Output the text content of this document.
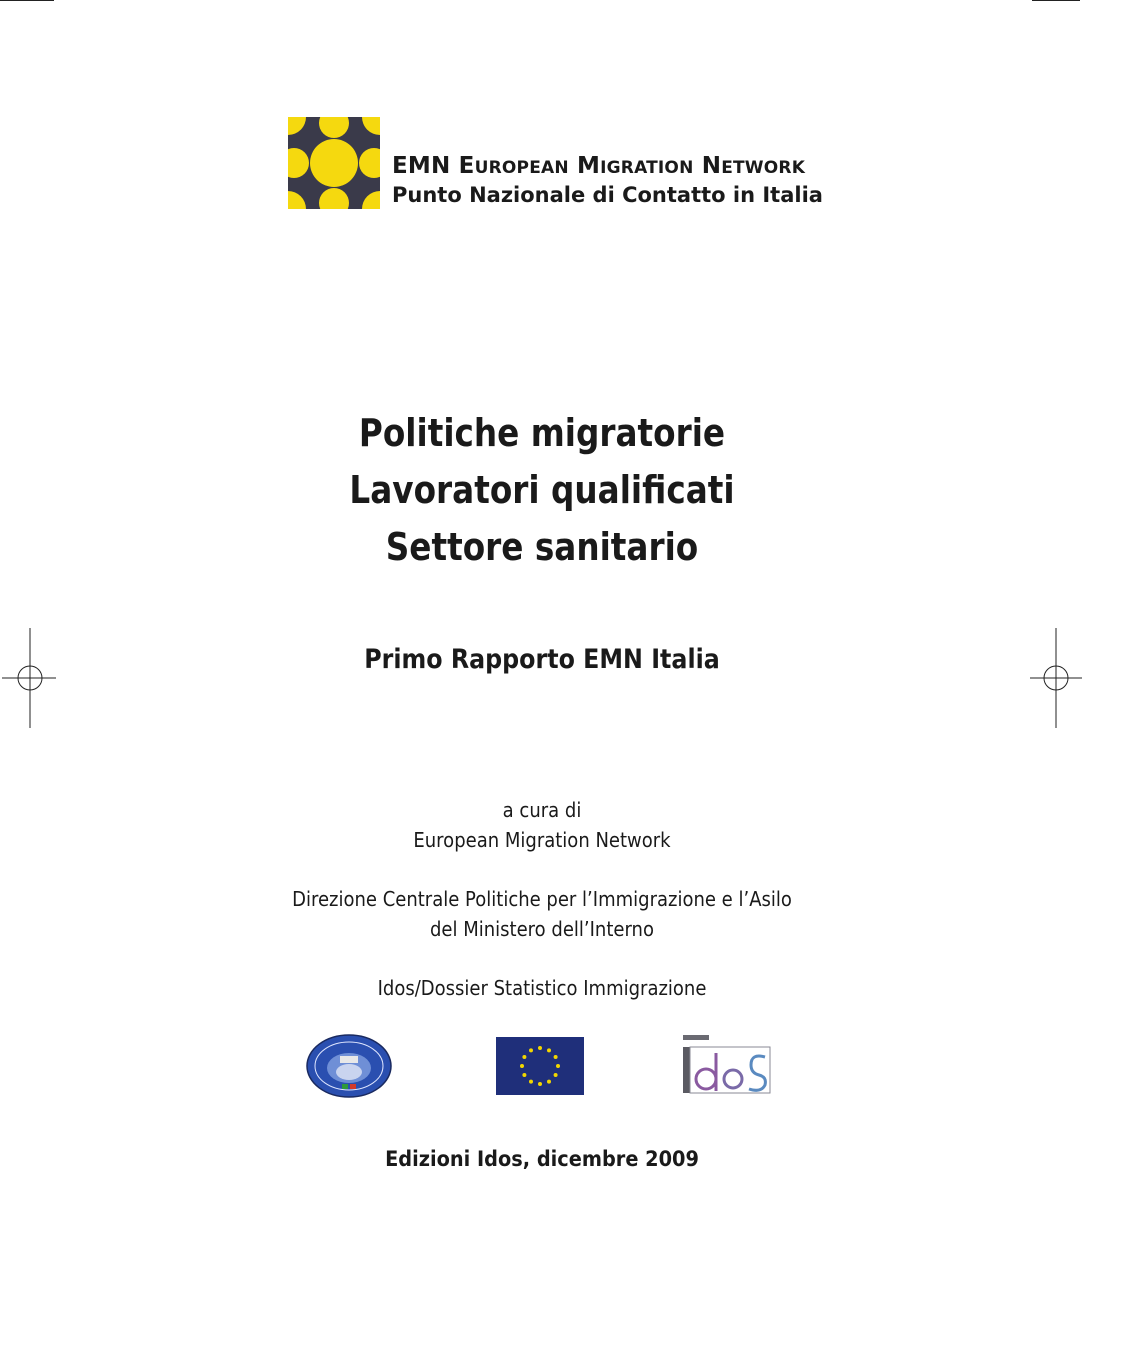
EMN EUROPEAN MIGRATION NETWORK
Punto Nazionale di Contatto in Italia
Politiche migratorie
Lavoratori qualificati
Settore sanitario
Primo Rapporto EMN Italia
a cura di
European Migration Network
Direzione Centrale Politiche per l’Immigrazione e l’Asilo
del Ministero dell’Interno
Idos/Dossier Statistico Immigrazione
Edizioni Idos, dicembre 2009
